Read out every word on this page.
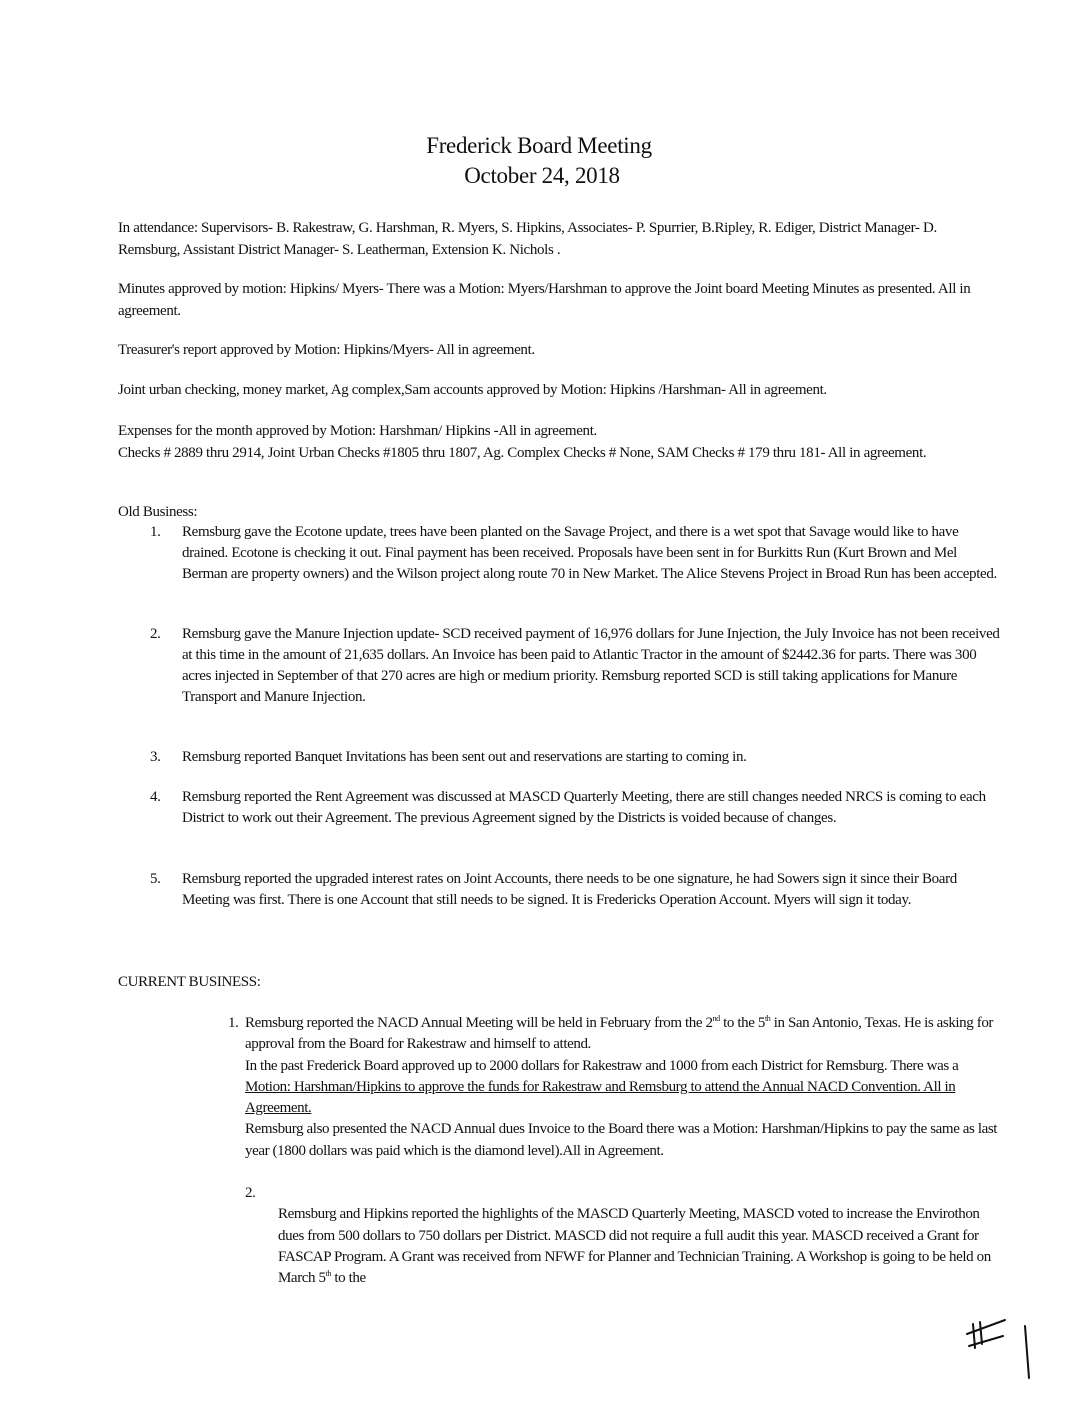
Frederick Board Meeting
October 24, 2018
In attendance: Supervisors- B. Rakestraw, G. Harshman, R. Myers, S. Hipkins, Associates- P. Spurrier, B.Ripley, R. Ediger, District Manager- D. Remsburg, Assistant District Manager- S. Leatherman, Extension K. Nichols .
Minutes approved by motion: Hipkins/ Myers- There was a Motion: Myers/Harshman to approve the Joint board Meeting Minutes as presented. All in agreement.
Treasurer's report approved by Motion: Hipkins/Myers- All in agreement.
Joint urban checking, money market, Ag complex,Sam accounts approved by Motion: Hipkins /Harshman- All in agreement.
Expenses for the month approved by Motion: Harshman/ Hipkins -All in agreement.
Checks # 2889 thru 2914, Joint Urban Checks #1805 thru 1807, Ag. Complex Checks # None, SAM Checks # 179 thru 181- All in agreement.
Old Business:
1. Remsburg gave the Ecotone update, trees have been planted on the Savage Project, and there is a wet spot that Savage would like to have drained. Ecotone is checking it out. Final payment has been received. Proposals have been sent in for Burkitts Run (Kurt Brown and Mel Berman are property owners) and the Wilson project along route 70 in New Market. The Alice Stevens Project in Broad Run has been accepted.
2. Remsburg gave the Manure Injection update- SCD received payment of 16,976 dollars for June Injection, the July Invoice has not been received at this time in the amount of 21,635 dollars. An Invoice has been paid to Atlantic Tractor in the amount of $2442.36 for parts. There was 300 acres injected in September of that 270 acres are high or medium priority. Remsburg reported SCD is still taking applications for Manure Transport and Manure Injection.
3. Remsburg reported Banquet Invitations has been sent out and reservations are starting to coming in.
4. Remsburg reported the Rent Agreement was discussed at MASCD Quarterly Meeting, there are still changes needed NRCS is coming to each District to work out their Agreement. The previous Agreement signed by the Districts is voided because of changes.
5. Remsburg reported the upgraded interest rates on Joint Accounts, there needs to be one signature, he had Sowers sign it since their Board Meeting was first. There is one Account that still needs to be signed. It is Fredericks Operation Account. Myers will sign it today.
CURRENT BUSINESS:
1. Remsburg reported the NACD Annual Meeting will be held in February from the 2nd to the 5th in San Antonio, Texas. He is asking for approval from the Board for Rakestraw and himself to attend.
In the past Frederick Board approved up to 2000 dollars for Rakestraw and 1000 from each District for Remsburg. There was a Motion: Harshman/Hipkins to approve the funds for Rakestraw and Remsburg to attend the Annual NACD Convention. All in Agreement.
Remsburg also presented the NACD Annual dues Invoice to the Board there was a Motion: Harshman/Hipkins to pay the same as last year (1800 dollars was paid which is the diamond level).All in Agreement.
2.
Remsburg and Hipkins reported the highlights of the MASCD Quarterly Meeting, MASCD voted to increase the Envirothon dues from 500 dollars to 750 dollars per District. MASCD did not require a full audit this year. MASCD received a Grant for FASCAP Program. A Grant was received from NFWF for Planner and Technician Training. A Workshop is going to be held on March 5th to the
